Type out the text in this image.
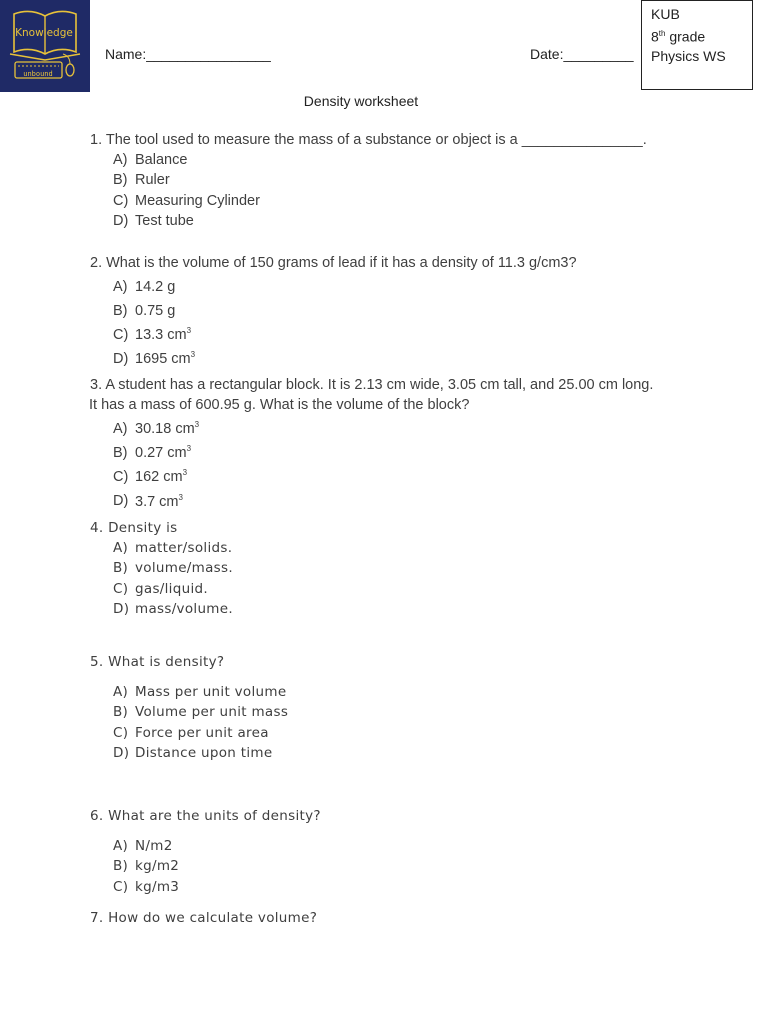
Knowledge
unbound
Name:________________	Date:_________
KUB
8th grade
Physics WS
Density worksheet

1. The tool used to measure the mass of a substance or object is a _______________.

A) Balance
B) Ruler
C) Measuring Cylinder
D) Test tube

2. What is the volume of 150 grams of lead if it has a density of 11.3 g/cm3?

A) 14.2 g
B) 0.75 g
C) 13.3 $cm^3$
D) 1695 $cm^3$

3. A student has a rectangular block. It is 2.13 cm wide, 3.05 cm tall, and 25.00 cm long.

It has a mass of 600.95 g. What is the volume of the block?

A) 30.18 $cm^3$
B) 0.27 $cm^3$
C) 162 $cm^3$
D) 3.7 $cm^3$

4. Density is

A) matter/solids.
B) volume/mass.
C) gas/liquid.
D) mass/volume.

5. What is density?

A) Mass per unit volume
B) Volume per unit mass
C) Force per unit area
D) Distance upon time

6. What are the units of density?

A) N/m2
B) kg/m2
C) kg/m3

7. How do we calculate volume?
